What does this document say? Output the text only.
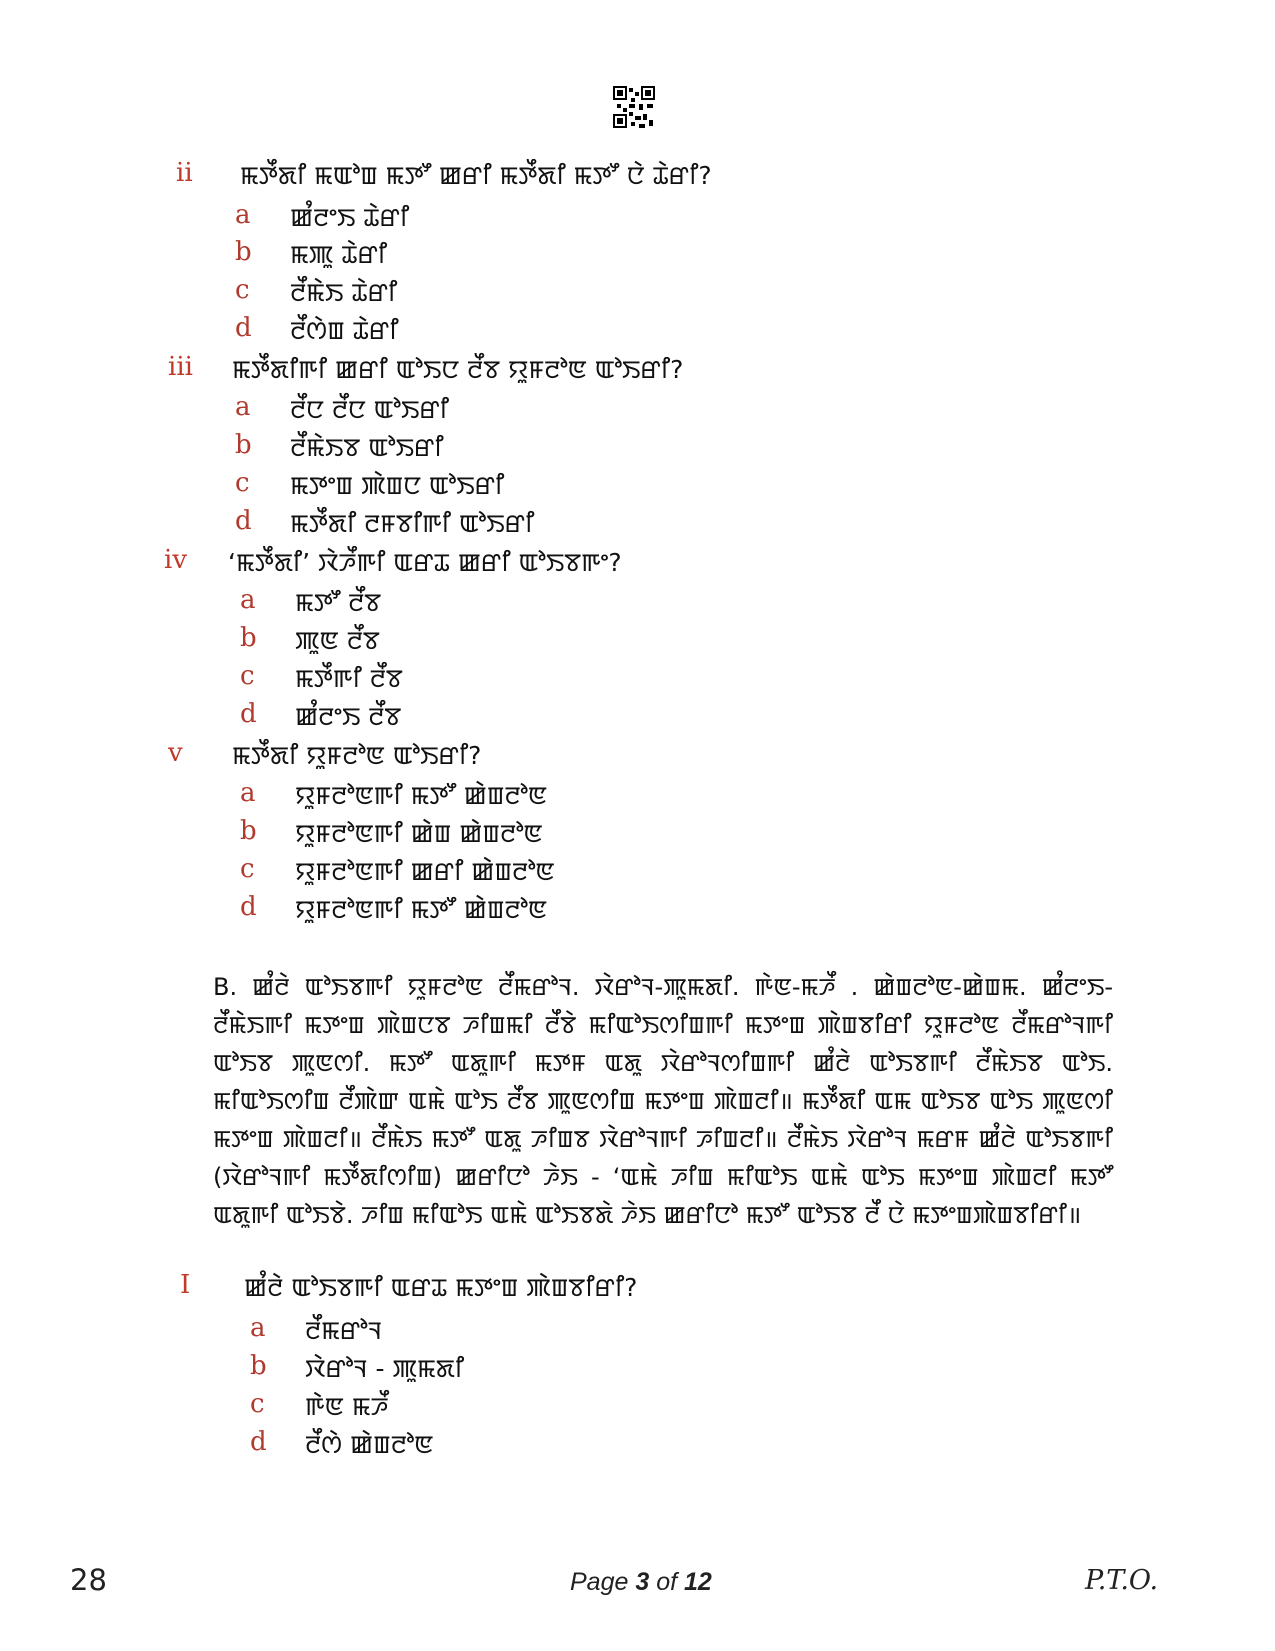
ii ꯃꯇꯩꯗꯤ ꯃꯑꯣꯡ ꯃꯇꯧ ꯀꯔꯤ ꯃꯇꯩꯗꯤ ꯃꯇꯧ ꯅꯥ ꯊꯥꯔꯤ?
a ꯀꯪꯂꯦꯏ ꯊꯥꯔꯤ
b ꯃꯄꯨ ꯊꯥꯔꯤ
c ꯂꯩꯃꯥꯏ ꯊꯥꯔꯤ
d ꯂꯩꯁꯥꯡ ꯊꯥꯔꯤ
iii ꯃꯇꯩꯗꯤꯒꯤ ꯀꯔꯤ ꯑꯣꯏꯅ ꯂꯩꯕ ꯌꯨꯝꯂꯣꯟ ꯑꯣꯏꯔꯤ?
a ꯂꯩꯅ ꯂꯩꯅ ꯑꯣꯏꯔꯤ
b ꯂꯩꯃꯥꯏꯕ ꯑꯣꯏꯔꯤ
c ꯃꯇꯦꯡ ꯄꯥꯡꯅ ꯑꯣꯏꯔꯤ
d ꯃꯇꯩꯗꯤ ꯂꯝꯕꯤꯒꯤ ꯑꯣꯏꯔꯤ
iv ‘ꯃꯇꯩꯗꯤ’ ꯋꯥꯍꯩꯒꯤ ꯑꯔꯊ ꯀꯔꯤ ꯑꯣꯏꯕꯒꯦ?
a ꯃꯇꯧ ꯂꯩꯕ
b ꯄꯨꯟ ꯂꯩꯕ
c ꯃꯇꯩꯒꯤ ꯂꯩꯕ
d ꯀꯪꯂꯦꯏ ꯂꯩꯕ
v ꯃꯇꯩꯗꯤ ꯌꯨꯝꯂꯣꯟ ꯑꯣꯏꯔꯤ?
a ꯌꯨꯝꯂꯣꯟꯒꯤ ꯃꯇꯧ ꯀꯥꯡꯂꯣꯟ
b ꯌꯨꯝꯂꯣꯟꯒꯤ ꯀꯥꯡ ꯀꯥꯡꯂꯣꯟ
c ꯌꯨꯝꯂꯣꯟꯒꯤ ꯀꯔꯤ ꯀꯥꯡꯂꯣꯟ
d ꯌꯨꯝꯂꯣꯟꯒꯤ ꯃꯇꯧ ꯀꯥꯡꯂꯣꯟ
B. ꯀꯪꯂꯥ ꯑꯣꯏꯕꯒꯤ ꯌꯨꯝꯂꯣꯟ ꯂꯩꯃꯔꯣꯜ. ꯋꯥꯔꯣꯜ-ꯄꯨꯃꯗꯤ. ꯒꯥꯟ-ꯃꯍꯩ . ꯀꯥꯡꯂꯣꯟ-ꯀꯥꯡꯃ. ꯀꯪꯂꯦꯏ-ꯂꯩꯃꯥꯏꯒꯤ ꯃꯇꯦꯡ ꯄꯥꯡꯅꯕ ꯍꯤꯡꯃꯤ ꯂꯩꯕꯥ ꯃꯤꯑꯣꯏꯁꯤꯡꯒꯤ ꯃꯇꯦꯡ ꯄꯥꯡꯕꯤꯔꯤ ꯌꯨꯝꯂꯣꯟ ꯂꯩꯃꯔꯣꯜꯒꯤ ꯑꯣꯏꯕ ꯄꯨꯟꯁꯤ. ꯃꯇꯧ ꯑꯗꯨꯒꯤ ꯃꯇꯝ ꯑꯗꯨ ꯋꯥꯔꯣꯜꯁꯤꯡꯒꯤ ꯀꯪꯂꯥ ꯑꯣꯏꯕꯒꯤ ꯂꯩꯃꯥꯏꯕ ꯑꯣꯏ. ꯃꯤꯑꯣꯏꯁꯤꯡ ꯂꯩꯄꯥꯛ ꯑꯃꯥ ꯑꯣꯏ ꯂꯩꯕ ꯄꯨꯟꯁꯤꯡ ꯃꯇꯦꯡ ꯄꯥꯡꯂꯤ॥ ꯃꯇꯩꯗꯤ ꯑꯃ ꯑꯣꯏꯕ ꯑꯣꯏ ꯄꯨꯟꯁꯤ ꯃꯇꯦꯡ ꯄꯥꯡꯂꯤ॥ ꯂꯩꯃꯥꯏ ꯃꯇꯧ ꯑꯗꯨ ꯍꯤꯡꯕ ꯋꯥꯔꯣꯜꯒꯤ ꯍꯤꯡꯂꯤ॥ ꯂꯩꯃꯥꯏ ꯋꯥꯔꯣꯜ ꯃꯔꯝ ꯀꯪꯂꯥ ꯑꯣꯏꯕꯒꯤ (ꯋꯥꯔꯣꯜꯒꯤ ꯃꯇꯩꯗꯤꯁꯤꯡ) ꯀꯔꯤꯅꯣ ꯍꯥꯏ - ‘ꯑꯃꯥ ꯍꯤꯡ ꯃꯤꯑꯣꯏ ꯑꯃꯥ ꯑꯣꯏ ꯃꯇꯦꯡ ꯄꯥꯡꯂꯤ ꯃꯇꯧ ꯑꯗꯨꯒꯤ ꯑꯣꯏꯕꯥ. ꯍꯤꯡ ꯃꯤꯑꯣꯏ ꯑꯃꯥ ꯑꯣꯏꯕꯗꯥ ꯍꯥꯏ ꯀꯔꯤꯅꯣ ꯃꯇꯧ ꯑꯣꯏꯕ ꯂꯩ ꯅꯥ ꯃꯇꯦꯡꯄꯥꯡꯕꯤꯔꯤ॥
I ꯀꯪꯂꯥ ꯑꯣꯏꯕꯒꯤ ꯑꯔꯊ ꯃꯇꯦꯡ ꯄꯥꯡꯕꯤꯔꯤ?
a ꯂꯩꯃꯔꯣꯜ
b ꯋꯥꯔꯣꯜ - ꯄꯨꯃꯗꯤ
c ꯒꯥꯟ ꯃꯍꯩ
d ꯂꯩꯁꯥ ꯀꯥꯡꯂꯣꯟ
28	Page 3 of 12	P.T.O.
